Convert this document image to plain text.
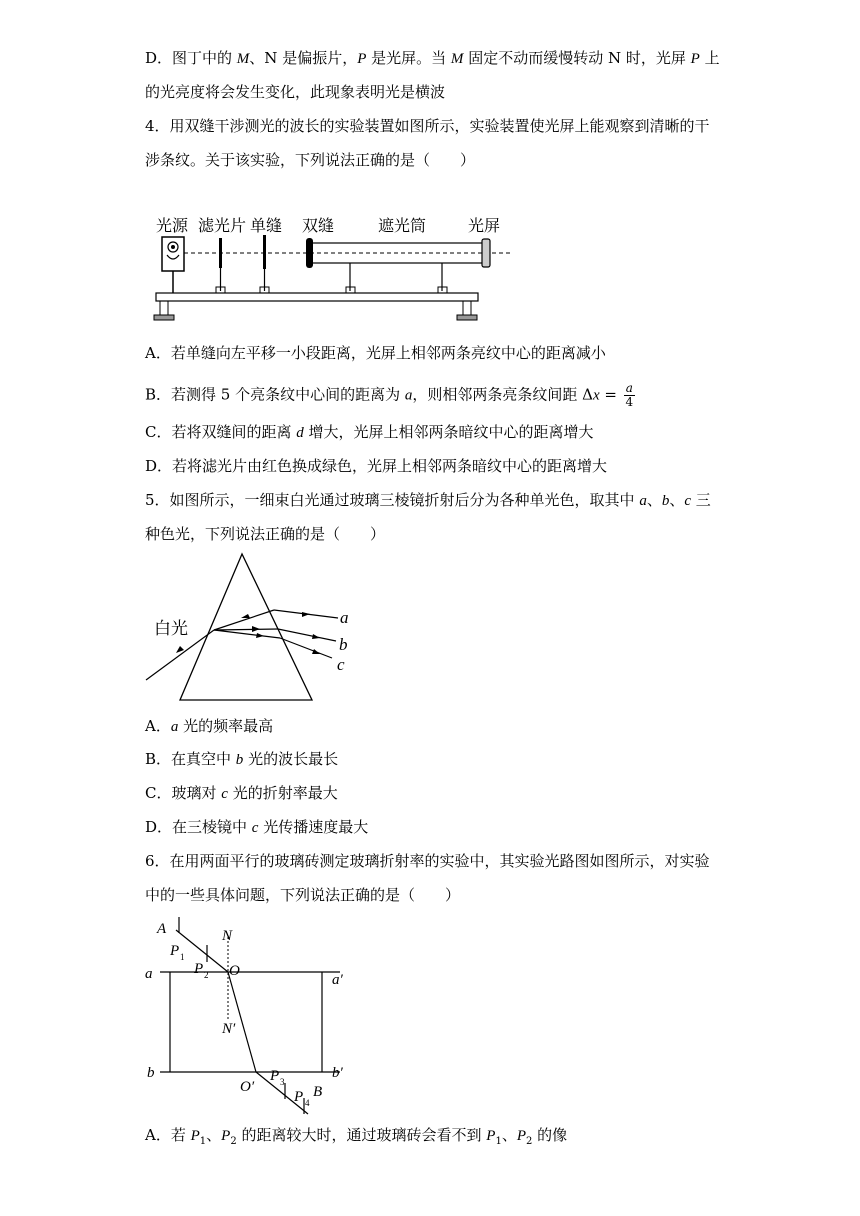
D．图丁中的 M、N 是偏振片，P 是光屏。当 M 固定不动而缓慢转动 N 时，光屏 P 上
的光亮度将会发生变化，此现象表明光是横波
4．用双缝干涉测光的波长的实验装置如图所示，实验装置使光屏上能观察到清晰的干
涉条纹。关于该实验，下列说法正确的是（　　）
光源 滤光片 单缝 双缝	遮光筒	光屏
A．若单缝向左平移一小段距离，光屏上相邻两条亮纹中心的距离减小
B．若测得 5 个亮条纹中心间的距离为 a，则相邻两条亮条纹间距 $\Delta x = \frac{a}{4}$
C．若将双缝间的距离 d 增大，光屏上相邻两条暗纹中心的距离增大
D．若将滤光片由红色换成绿色，光屏上相邻两条暗纹中心的距离增大
5．如图所示，一细束白光通过玻璃三棱镜折射后分为各种单光色，取其中 a、b、c 三
种色光，下列说法正确的是（　　）
白光
a
b
c
A．a 光的频率最高
B．在真空中 b 光的波长最长
C．玻璃对 c 光的折射率最大
D．在三棱镜中 c 光传播速度最大
6．在用两面平行的玻璃砖测定玻璃折射率的实验中，其实验光路图如图所示，对实验
中的一些具体问题，下列说法正确的是（　　）
A
P 1
P 2
N
O
a	a′
N′
b	b′
O′
P 3
P 4
B
A．若 $P_1$、$P_2$ 的距离较大时，通过玻璃砖会看不到 $P_1$、$P_2$ 的像
